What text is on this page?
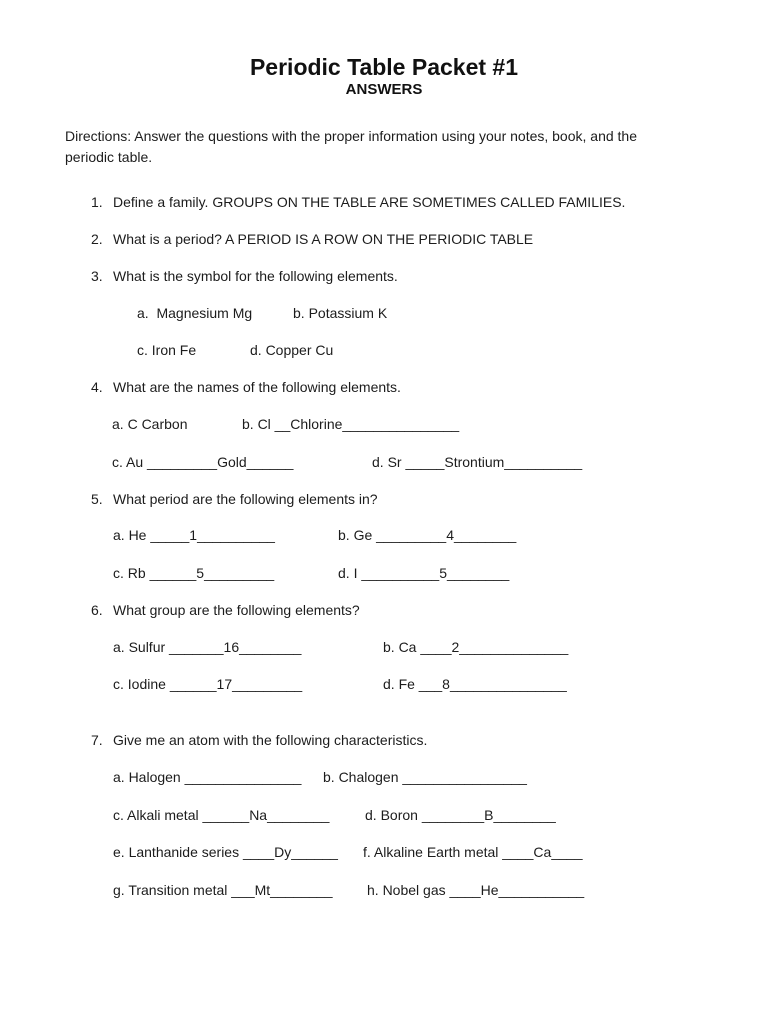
Periodic Table Packet #1
ANSWERS
Directions: Answer the questions with the proper information using your notes, book, and the
periodic table.
1. Define a family. GROUPS ON THE TABLE ARE SOMETIMES CALLED FAMILIES.
2. What is a period? A PERIOD IS A ROW ON THE PERIODIC TABLE
3. What is the symbol for the following elements.
a.  Magnesium Mg	b. Potassium K
c. Iron Fe	d. Copper Cu
4. What are the names of the following elements.
a. C Carbon	b. Cl __Chlorine_______________
c. Au _________Gold______	d. Sr _____Strontium__________
5. What period are the following elements in?
a. He _____1__________	b. Ge _________4________
c. Rb ______5_________	d. I __________5________
6. What group are the following elements?
a. Sulfur _______16________	b. Ca ____2______________
c. Iodine ______17_________	d. Fe ___8_______________
7. Give me an atom with the following characteristics.
a. Halogen _______________ b. Chalogen ________________
c. Alkali metal ______Na________	d. Boron ________B________
e. Lanthanide series ____Dy______ f. Alkaline Earth metal ____Ca____
g. Transition metal ___Mt________ h. Nobel gas ____He___________
